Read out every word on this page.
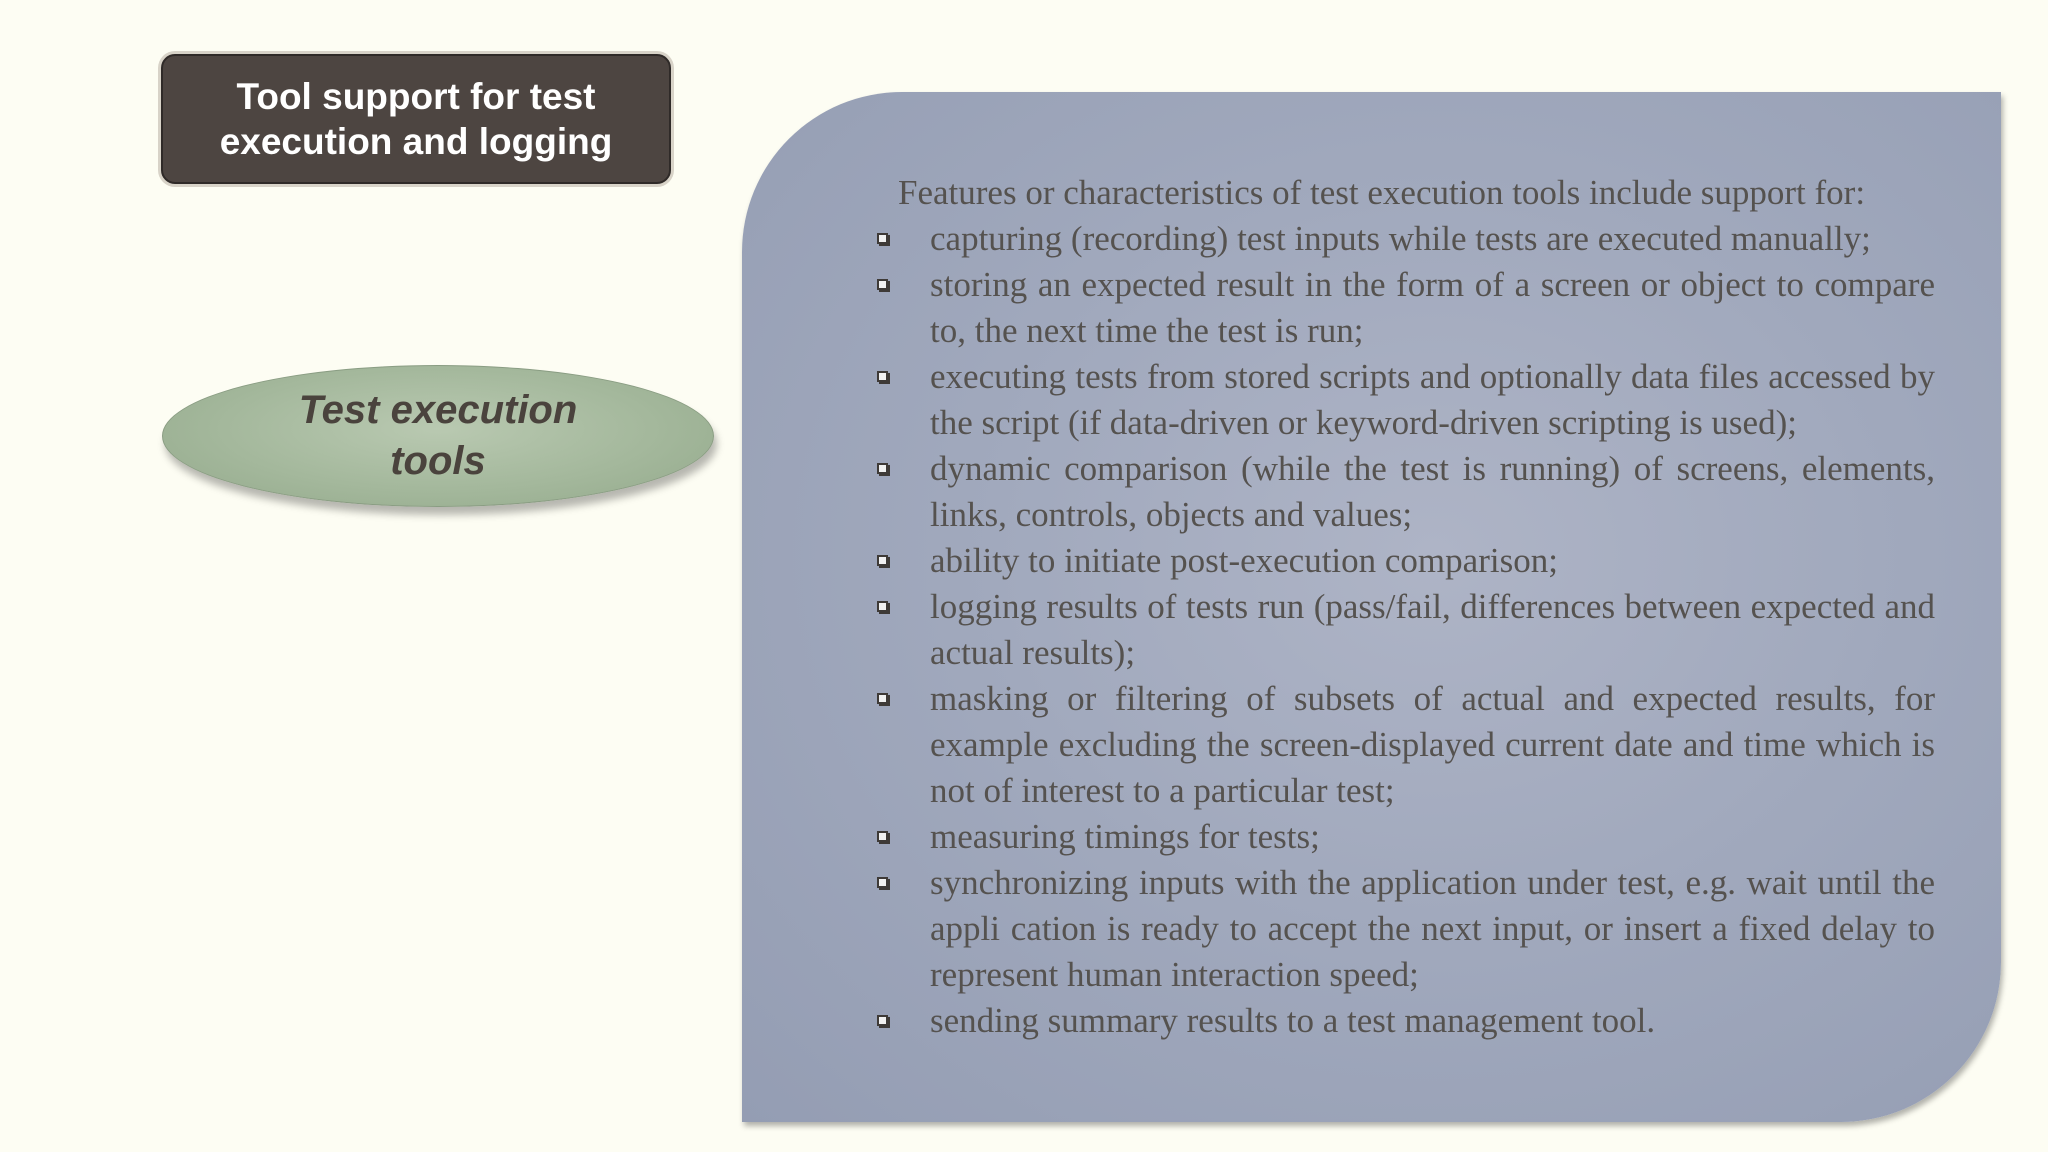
Tool support for test execution and logging
Test execution tools
Features or characteristics of test execution tools include support for:
capturing (recording) test inputs while tests are executed manually;
storing an expected result in the form of a screen or object to compare to, the next time the test is run;
executing tests from stored scripts and optionally data files accessed by the script (if data-driven or keyword-driven scripting is used);
dynamic comparison (while the test is running) of screens, elements, links, controls, objects and values;
ability to initiate post-execution comparison;
logging results of tests run (pass/fail, differences between expected and actual results);
masking or filtering of subsets of actual and expected results, for example excluding the screen-displayed current date and time which is not of interest to a particular test;
measuring timings for tests;
synchronizing inputs with the application under test, e.g. wait until the appli cation is ready to accept the next input, or insert a fixed delay to represent human interaction speed;
sending summary results to a test management tool.
